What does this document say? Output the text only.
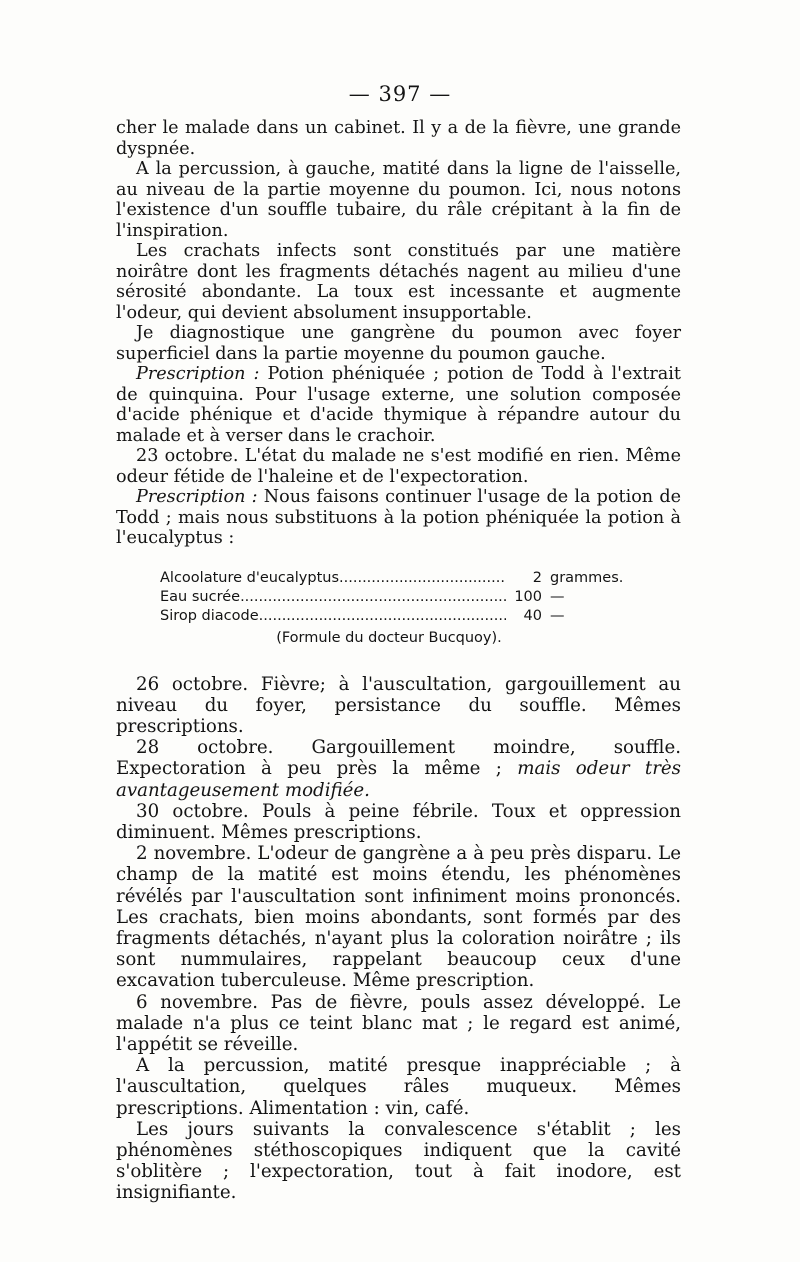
— 397 —

cher le malade dans un cabinet. Il y a de la fièvre, une grande dyspnée.

A la percussion, à gauche, matité dans la ligne de l'aisselle, au niveau de la partie moyenne du poumon. Ici, nous notons l'existence d'un souffle tubaire, du râle crépitant à la fin de l'inspiration.

Les crachats infects sont constitués par une matière noirâtre dont les fragments détachés nagent au milieu d'une sérosité abondante. La toux est incessante et augmente l'odeur, qui devient absolument insupportable.

Je diagnostique une gangrène du poumon avec foyer superficiel dans la partie moyenne du poumon gauche.

Prescription : Potion phéniquée ; potion de Todd à l'extrait de quinquina. Pour l'usage externe, une solution composée d'acide phénique et d'acide thymique à répandre autour du malade et à verser dans le crachoir.

23 octobre. L'état du malade ne s'est modifié en rien. Même odeur fétide de l'haleine et de l'expectoration.

Prescription : Nous faisons continuer l'usage de la potion de Todd ; mais nous substituons à la potion phéniquée la potion à l'eucalyptus :

Alcoolature d'eucalyptus .....	2 grammes.
Eau sucrée .....	100 —
Sirop diacode .....	40 —
(Formule du docteur Bucquoy).

26 octobre. Fièvre; à l'auscultation, gargouillement au niveau du foyer, persistance du souffle. Mêmes prescriptions.

28 octobre. Gargouillement moindre, souffle. Expectoration à peu près la même ; mais odeur très avantageusement modifiée.

30 octobre. Pouls à peine fébrile. Toux et oppression diminuent. Mêmes prescriptions.

2 novembre. L'odeur de gangrène a à peu près disparu. Le champ de la matité est moins étendu, les phénomènes révélés par l'auscultation sont infiniment moins prononcés. Les crachats, bien moins abondants, sont formés par des fragments détachés, n'ayant plus la coloration noirâtre ; ils sont nummulaires, rappelant beaucoup ceux d'une excavation tuberculeuse. Même prescription.

6 novembre. Pas de fièvre, pouls assez développé. Le malade n'a plus ce teint blanc mat ; le regard est animé, l'appétit se réveille.

A la percussion, matité presque inappréciable ; à l'auscultation, quelques râles muqueux. Mêmes prescriptions. Alimentation : vin, café.

Les jours suivants la convalescence s'établit ; les phénomènes stéthoscopiques indiquent que la cavité s'oblitère ; l'expectoration, tout à fait inodore, est insignifiante.
